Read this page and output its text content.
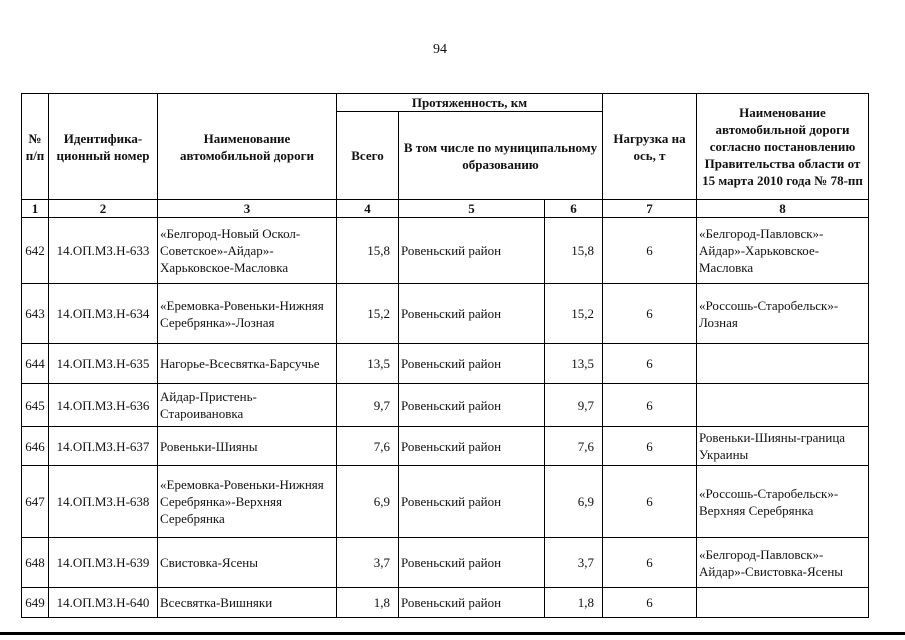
94
№ п/п	Идентифика-ционный номер	Наименование автомобильной дороги	Протяженность, км			Нагрузка на ось, т	Наименование автомобильной дороги согласно постановлению Правительства области от 15 марта 2010 года № 78-пп
			Всего	В том числе по муниципальному образованию			
1	2	3	4	5	6	7	8
642	14.ОП.МЗ.Н-633	«Белгород-Новый Оскол-Советское»-Айдар»-Харьковское-Масловка	15,8	Ровеньский район	15,8	6	«Белгород-Павловск»-Айдар»-Харьковское-Масловка
643	14.ОП.МЗ.Н-634	«Еремовка-Ровеньки-Нижняя Серебрянка»-Лозная	15,2	Ровеньский район	15,2	6	«Россошь-Старобельск»-Лозная
644	14.ОП.МЗ.Н-635	Нагорье-Всесвятка-Барсучье	13,5	Ровеньский район	13,5	6	
645	14.ОП.МЗ.Н-636	Айдар-Пристень-Староивановка	9,7	Ровеньский район	9,7	6	
646	14.ОП.МЗ.Н-637	Ровеньки-Шияны	7,6	Ровеньский район	7,6	6	Ровеньки-Шияны-граница Украины
647	14.ОП.МЗ.Н-638	«Еремовка-Ровеньки-Нижняя Серебрянка»-Верхняя Серебрянка	6,9	Ровеньский район	6,9	6	«Россошь-Старобельск»-Верхняя Серебрянка
648	14.ОП.МЗ.Н-639	Свистовка-Ясены	3,7	Ровеньский район	3,7	6	«Белгород-Павловск»-Айдар»-Свистовка-Ясены
649	14.ОП.МЗ.Н-640	Всесвятка-Вишняки	1,8	Ровеньский район	1,8	6	
